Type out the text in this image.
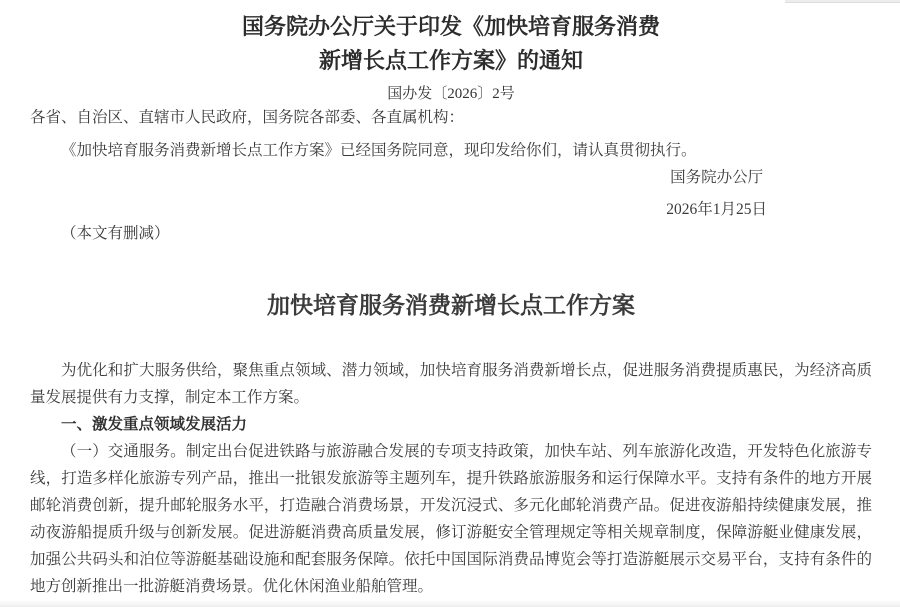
国务院办公厅关于印发《加快培育服务消费
新增长点工作方案》的通知
国办发〔2026〕2号

各省、自治区、直辖市人民政府，国务院各部委、各直属机构：

《加快培育服务消费新增长点工作方案》已经国务院同意，现印发给你们，请认真贯彻执行。

国务院办公厅
2026年1月25日

（本文有删减）

加快培育服务消费新增长点工作方案

为优化和扩大服务供给，聚焦重点领域、潜力领域，加快培育服务消费新增长点，促进服务消费提质惠民，为经济高质量发展提供有力支撑，制定本工作方案。

一、激发重点领域发展活力

（一）交通服务。制定出台促进铁路与旅游融合发展的专项支持政策，加快车站、列车旅游化改造，开发特色化旅游专线，打造多样化旅游专列产品，推出一批银发旅游等主题列车，提升铁路旅游服务和运行保障水平。支持有条件的地方开展邮轮消费创新，提升邮轮服务水平，打造融合消费场景，开发沉浸式、多元化邮轮消费产品。促进夜游船持续健康发展，推动夜游船提质升级与创新发展。促进游艇消费高质量发展，修订游艇安全管理规定等相关规章制度，保障游艇业健康发展，加强公共码头和泊位等游艇基础设施和配套服务保障。依托中国国际消费品博览会等打造游艇展示交易平台，支持有条件的地方创新推出一批游艇消费场景。优化休闲渔业船舶管理。
